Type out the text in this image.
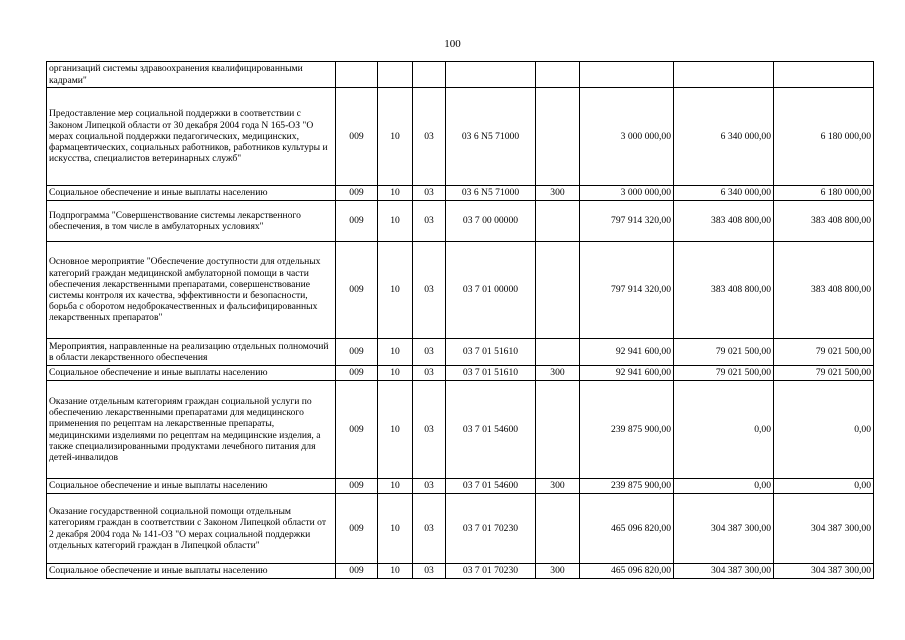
100
организаций системы здравоохранения квалифицированными кадрами"								
Предоставление мер социальной поддержки в соответствии с Законом Липецкой области от 30 декабря 2004 года N 165-ОЗ "О мерах социальной поддержки педагогических, медицинских, фармацевтических, социальных работников, работников культуры и искусства, специалистов ветеринарных служб"	009	10	03	03 6 N5 71000		3 000 000,00	6 340 000,00	6 180 000,00
Социальное обеспечение и иные выплаты населению	009	10	03	03 6 N5 71000	300	3 000 000,00	6 340 000,00	6 180 000,00
Подпрограмма "Совершенствование системы лекарственного обеспечения, в том числе в амбулаторных условиях"	009	10	03	03 7 00 00000		797 914 320,00	383 408 800,00	383 408 800,00
Основное мероприятие "Обеспечение доступности для отдельных категорий граждан медицинской амбулаторной помощи в части обеспечения лекарственными препаратами, совершенствование системы контроля их качества, эффективности и безопасности, борьба с оборотом недоброкачественных и фальсифицированных лекарственных препаратов"	009	10	03	03 7 01 00000		797 914 320,00	383 408 800,00	383 408 800,00
Мероприятия, направленные на реализацию отдельных полномочий в области лекарственного обеспечения	009	10	03	03 7 01 51610		92 941 600,00	79 021 500,00	79 021 500,00
Социальное обеспечение и иные выплаты населению	009	10	03	03 7 01 51610	300	92 941 600,00	79 021 500,00	79 021 500,00
Оказание отдельным категориям граждан социальной услуги по обеспечению лекарственными препаратами для медицинского применения по рецептам на лекарственные препараты, медицинскими изделиями по рецептам на медицинские изделия, а также специализированными продуктами лечебного питания для детей-инвалидов	009	10	03	03 7 01 54600		239 875 900,00	0,00	0,00
Социальное обеспечение и иные выплаты населению	009	10	03	03 7 01 54600	300	239 875 900,00	0,00	0,00
Оказание государственной социальной помощи отдельным категориям граждан в соответствии с Законом Липецкой области от 2 декабря 2004 года № 141-ОЗ "О мерах социальной поддержки отдельных категорий граждан в Липецкой области"	009	10	03	03 7 01 70230		465 096 820,00	304 387 300,00	304 387 300,00
Социальное обеспечение и иные выплаты населению	009	10	03	03 7 01 70230	300	465 096 820,00	304 387 300,00	304 387 300,00
